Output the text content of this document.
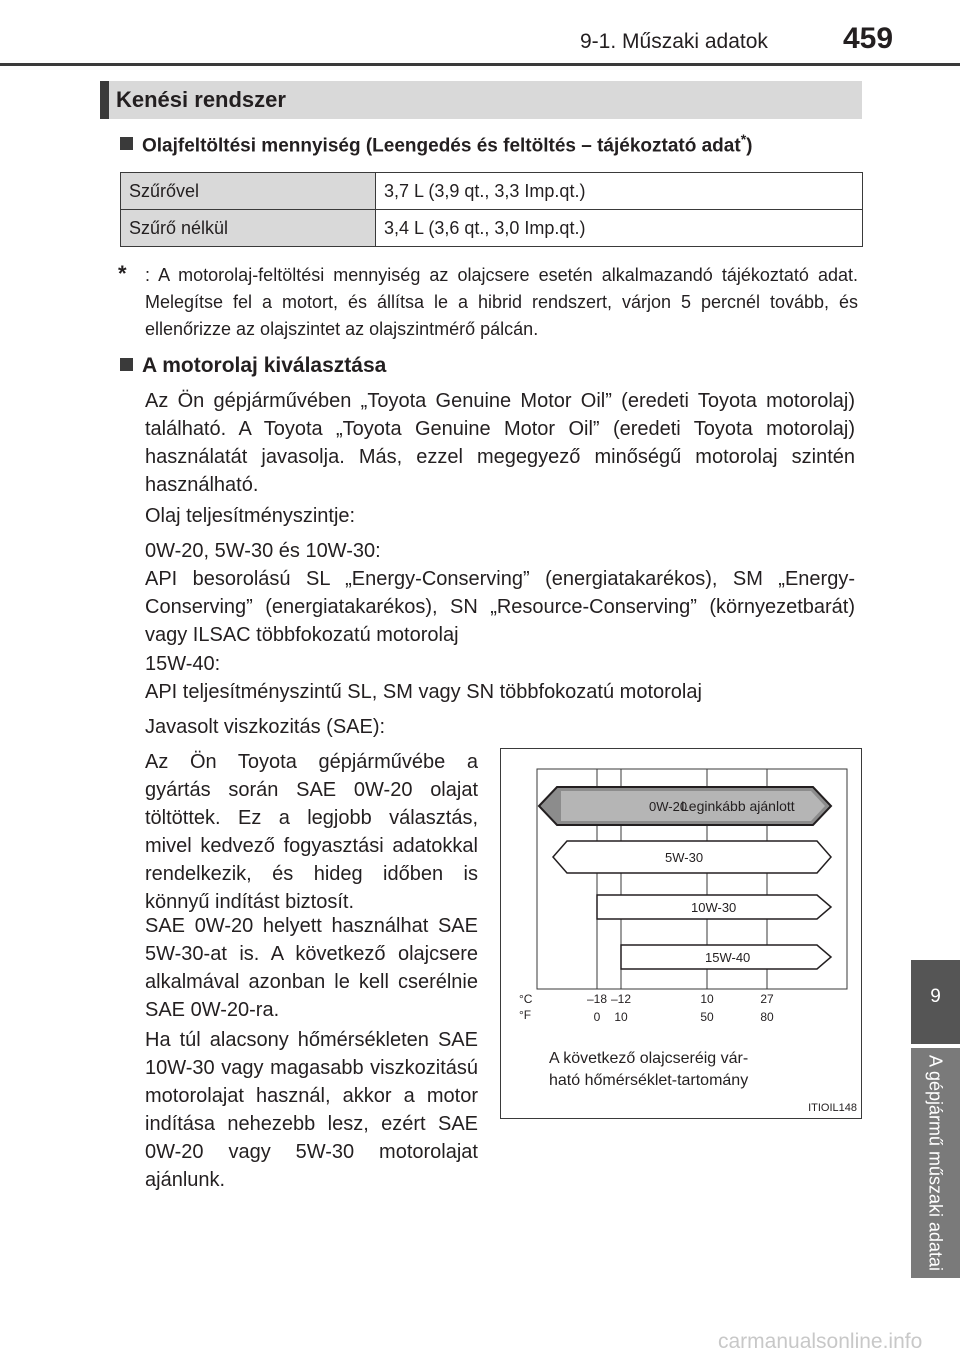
9-1. Műszaki adatok	459
9
A gépjármű műszaki adatai
Kenési rendszer
Olajfeltöltési mennyiség (Leengedés és feltöltés – tájékoztató adat*)
Szűrővel	3,7 L (3,9 qt., 3,3 Imp.qt.)
Szűrő nélkül	3,4 L (3,6 qt., 3,0 Imp.qt.)
* : A motorolaj-feltöltési mennyiség az olajcsere esetén alkalmazandó tájékoztató adat. Melegítse fel a motort, és állítsa le a hibrid rendszert, várjon 5 percnél tovább, és ellenőrizze az olajszintet az olajszintmérő pálcán.
A motorolaj kiválasztása
Az Ön gépjárművében „Toyota Genuine Motor Oil” (eredeti Toyota motorolaj) található. A Toyota „Toyota Genuine Motor Oil” (eredeti Toyota motorolaj) használatát javasolja. Más, ezzel megegyező minőségű motorolaj szintén használható.
Olaj teljesítményszintje:
0W-20, 5W-30 és 10W-30:
API besorolású SL „Energy-Conserving” (energiatakarékos), SM „Energy-Conserving” (energiatakarékos), SN „Resource-Conserving” (környezetbarát) vagy ILSAC többfokozatú motorolaj
15W-40:
API teljesítményszintű SL, SM vagy SN többfokozatú motorolaj
Javasolt viszkozitás (SAE):
Az Ön Toyota gépjárművébe a gyártás során SAE 0W-20 olajat töltöttek. Ez a legjobb választás, mivel kedvező fogyasztási adatokkal rendelkezik, és hideg időben is könnyű indítást biztosít.
SAE 0W-20 helyett használhat SAE 5W-30-at is. A következő olajcsere alkalmával azonban le kell cserélnie SAE 0W-20-ra.
Ha túl alacsony hőmérsékleten SAE 10W-30 vagy magasabb viszkozitású motorolajat használ, akkor a motor indítása nehezebb lesz, ezért SAE 0W-20 vagy 5W-30 motorolajat ajánlunk.
0W-20
Leginkább ajánlott
5W-30
10W-30
15W-40
°C
°F
–18 –12	10	27
0 10	50	80
A következő olajcseréig vár-
ható hőmérséklet-tartomány
ITIOIL148
carmanualsonline.info
